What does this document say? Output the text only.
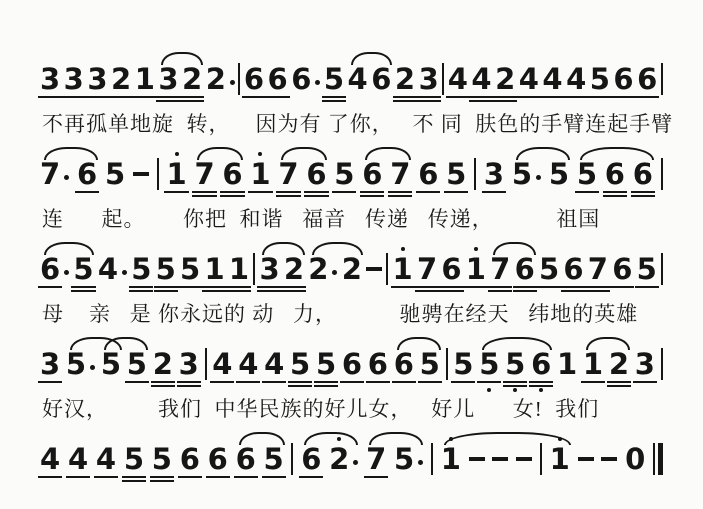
3 3 3 2 1 3 2 2 6 6 6 5 4 6 2 3 4 4 2 4 4 4 5 6 6
不再孤单地旋  转，    因为有 了你，   不 同  肤色的手臂连起手臂
7 6 5 1 7 6 1 7 6 5 6 7 6 5 3 5 5 5 6 6
连      起。      你把  和谐   福音   传递   传递，          祖国
6 5 4 5 5 5 1 1 3 2 2 2 1 7 6 1 7 6 5 6 7 6 5
母    亲   是 你永远的 动   力，          驰骋在经天   纬地的英雄
3 5 5 5 2 3 4 4 4 5 5 6 6 6 5 5 5 5 6 1 1 2 3
好汉，        我们  中华民族的好儿女，   好儿      女!  我们
4 4 4 5 5 6 6 6 5 6 2 7 5 1	1 0
